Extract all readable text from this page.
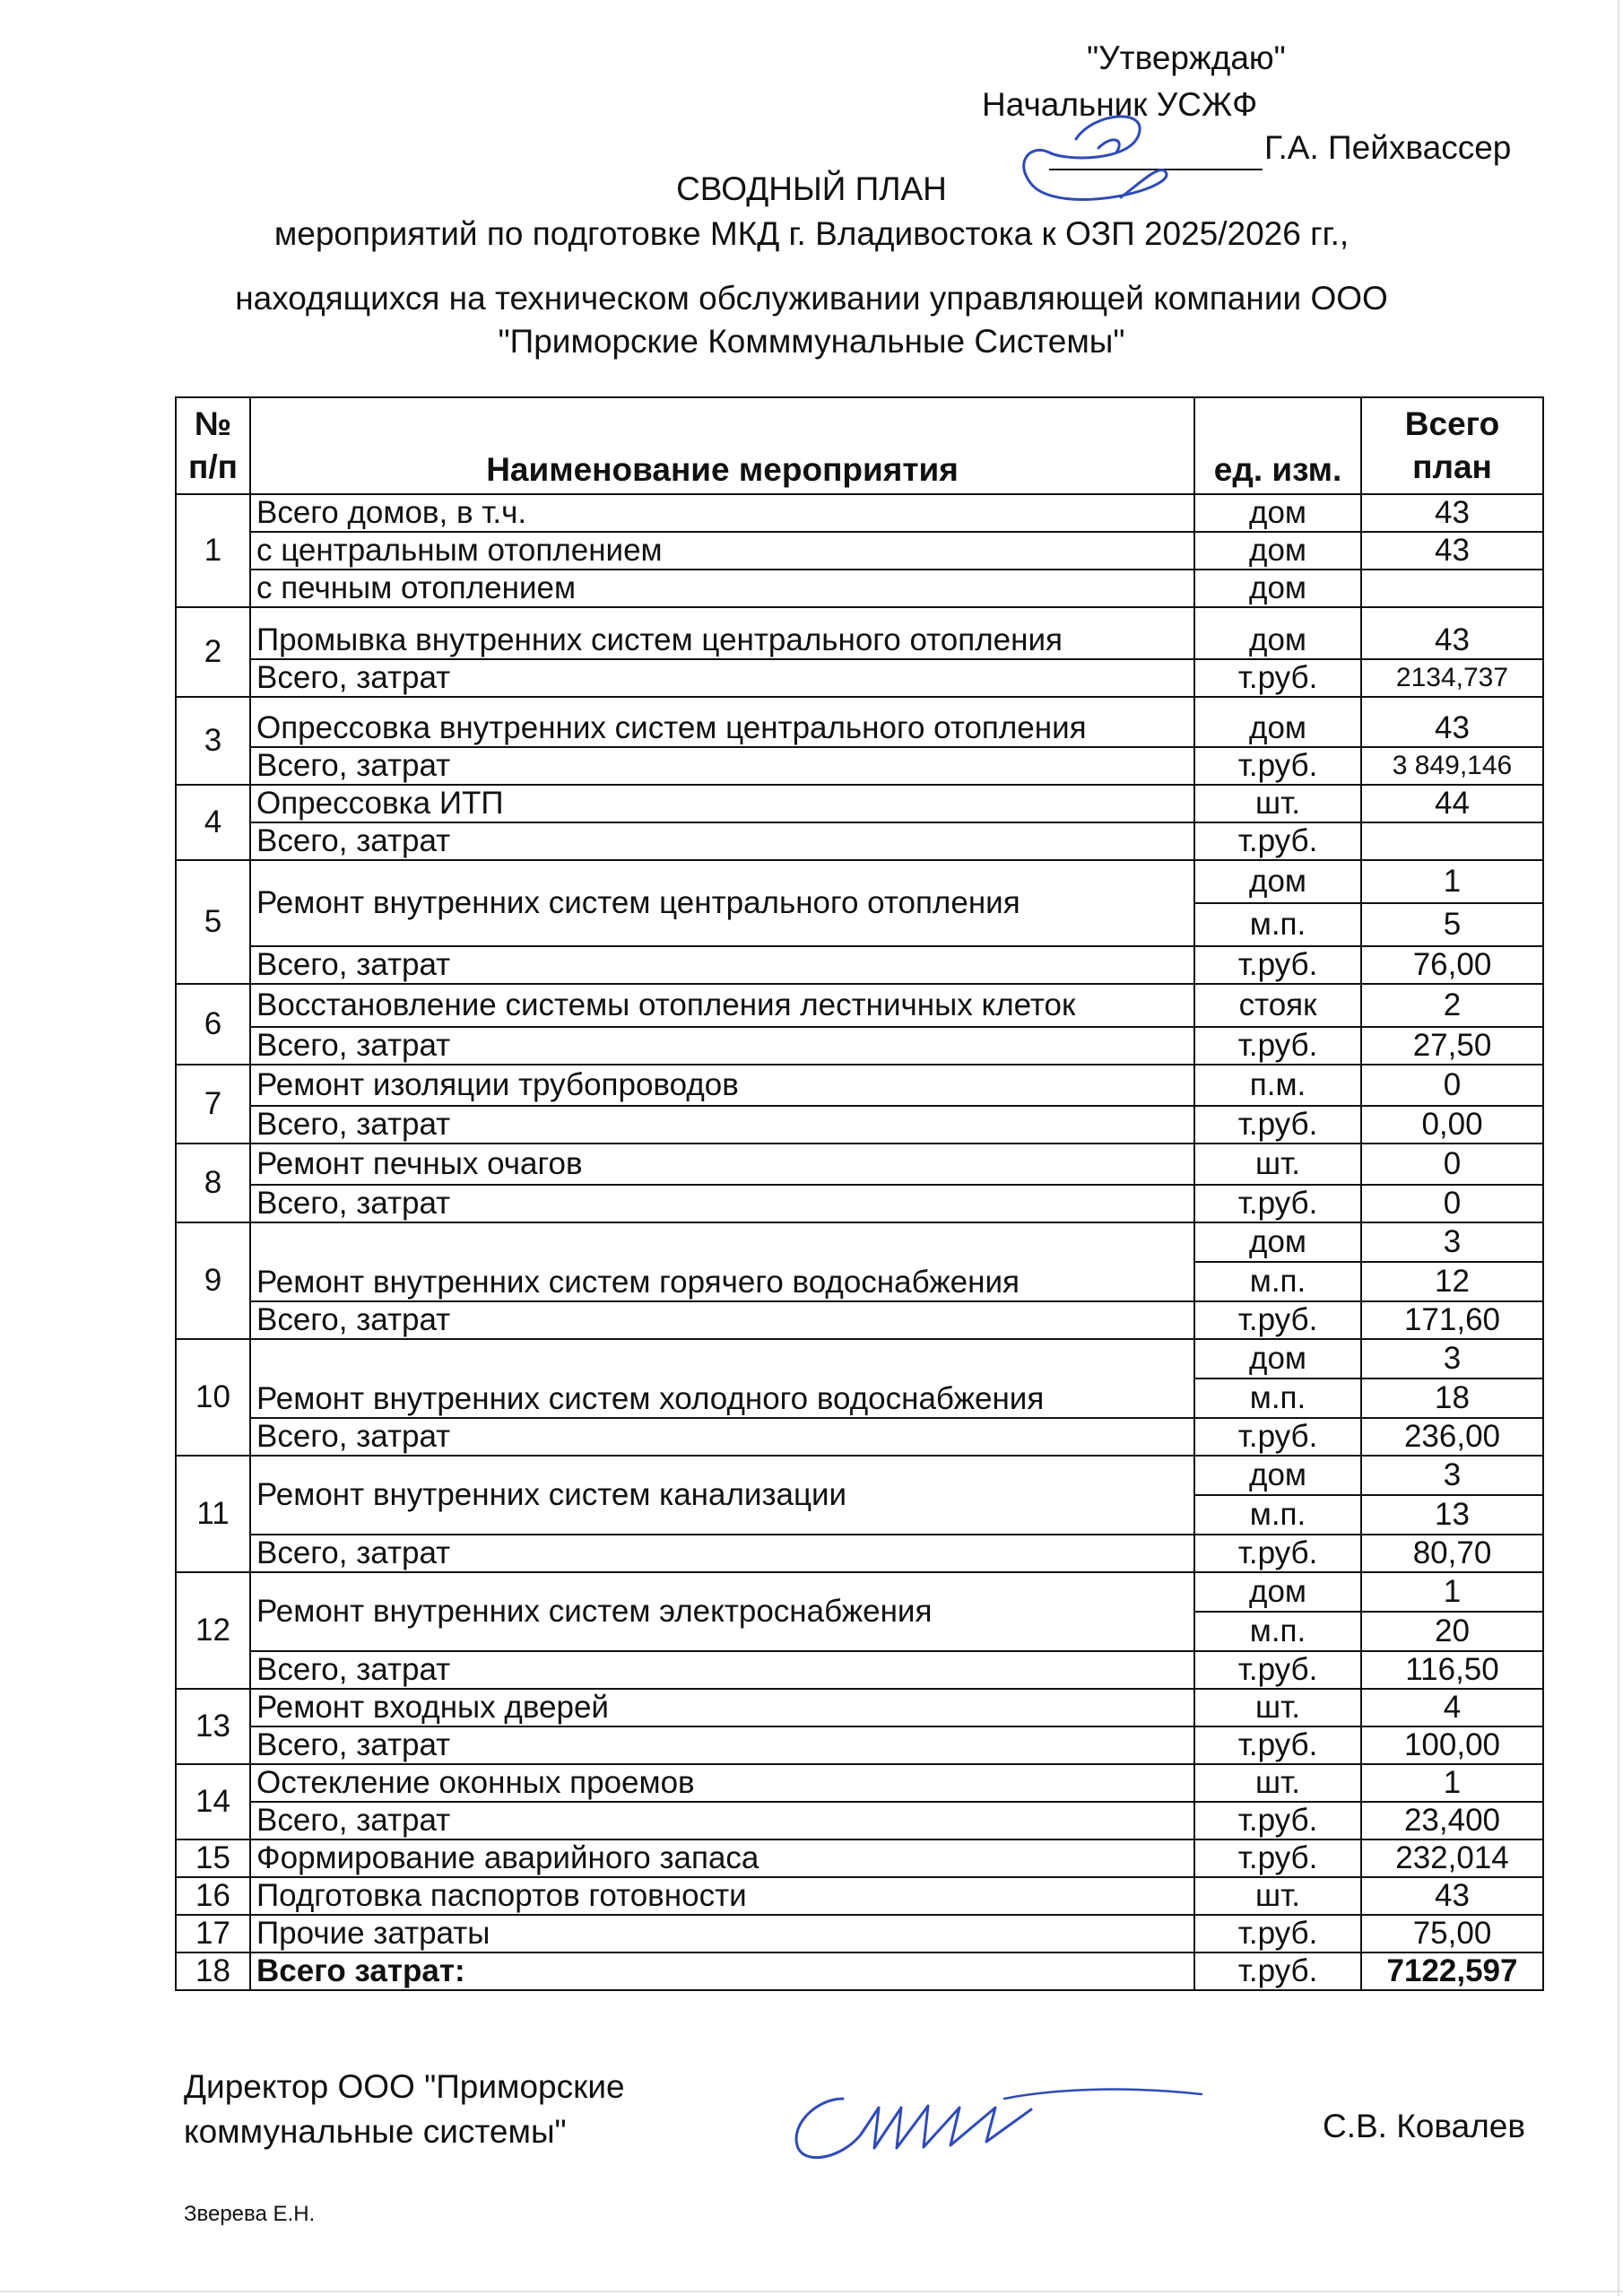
"Утверждаю"
Начальник УСЖФ
Г.А. Пейхвассер
СВОДНЫЙ ПЛАН
мероприятий по подготовке МКД г. Владивостока к ОЗП 2025/2026 гг.,
находящихся на техническом обслуживании управляющей компании ООО
"Приморские Комммунальные Системы"
№ п/п	Наименование мероприятия	ед. изм.	Всего план
1	Всего домов, в т.ч.	дом	43
	с центральным отоплением	дом	43
	с печным отоплением	дом	
2	Промывка внутренних систем центрального отопления	дом	43
	Всего, затрат	т.руб.	2134,737
3	Опрессовка внутренних систем центрального отопления	дом	43
	Всего, затрат	т.руб.	3 849,146
4	Опрессовка ИТП	шт.	44
	Всего, затрат	т.руб.	
5	Ремонт внутренних систем центрального отопления	дом	1
		м.п.	5
	Всего, затрат	т.руб.	76,00
6	Восстановление системы отопления лестничных клеток	стояк	2
	Всего, затрат	т.руб.	27,50
7	Ремонт изоляции трубопроводов	п.м.	0
	Всего, затрат	т.руб.	0,00
8	Ремонт печных очагов	шт.	0
	Всего, затрат	т.руб.	0
9	Ремонт внутренних систем горячего водоснабжения	дом	3
		м.п.	12
	Всего, затрат	т.руб.	171,60
10	Ремонт внутренних систем холодного водоснабжения	дом	3
		м.п.	18
	Всего, затрат	т.руб.	236,00
11	Ремонт внутренних систем канализации	дом	3
		м.п.	13
	Всего, затрат	т.руб.	80,70
12	Ремонт внутренних систем электроснабжения	дом	1
		м.п.	20
	Всего, затрат	т.руб.	116,50
13	Ремонт входных дверей	шт.	4
	Всего, затрат	т.руб.	100,00
14	Остекление оконных проемов	шт.	1
	Всего, затрат	т.руб.	23,400
15	Формирование аварийного запаса	т.руб.	232,014
16	Подготовка паспортов готовности	шт.	43
17	Прочие затраты	т.руб.	75,00
18	Всего затрат:	т.руб.	7122,597
Директор ООО "Приморские
коммунальные системы"	С.В. Ковалев
Зверева Е.Н.
